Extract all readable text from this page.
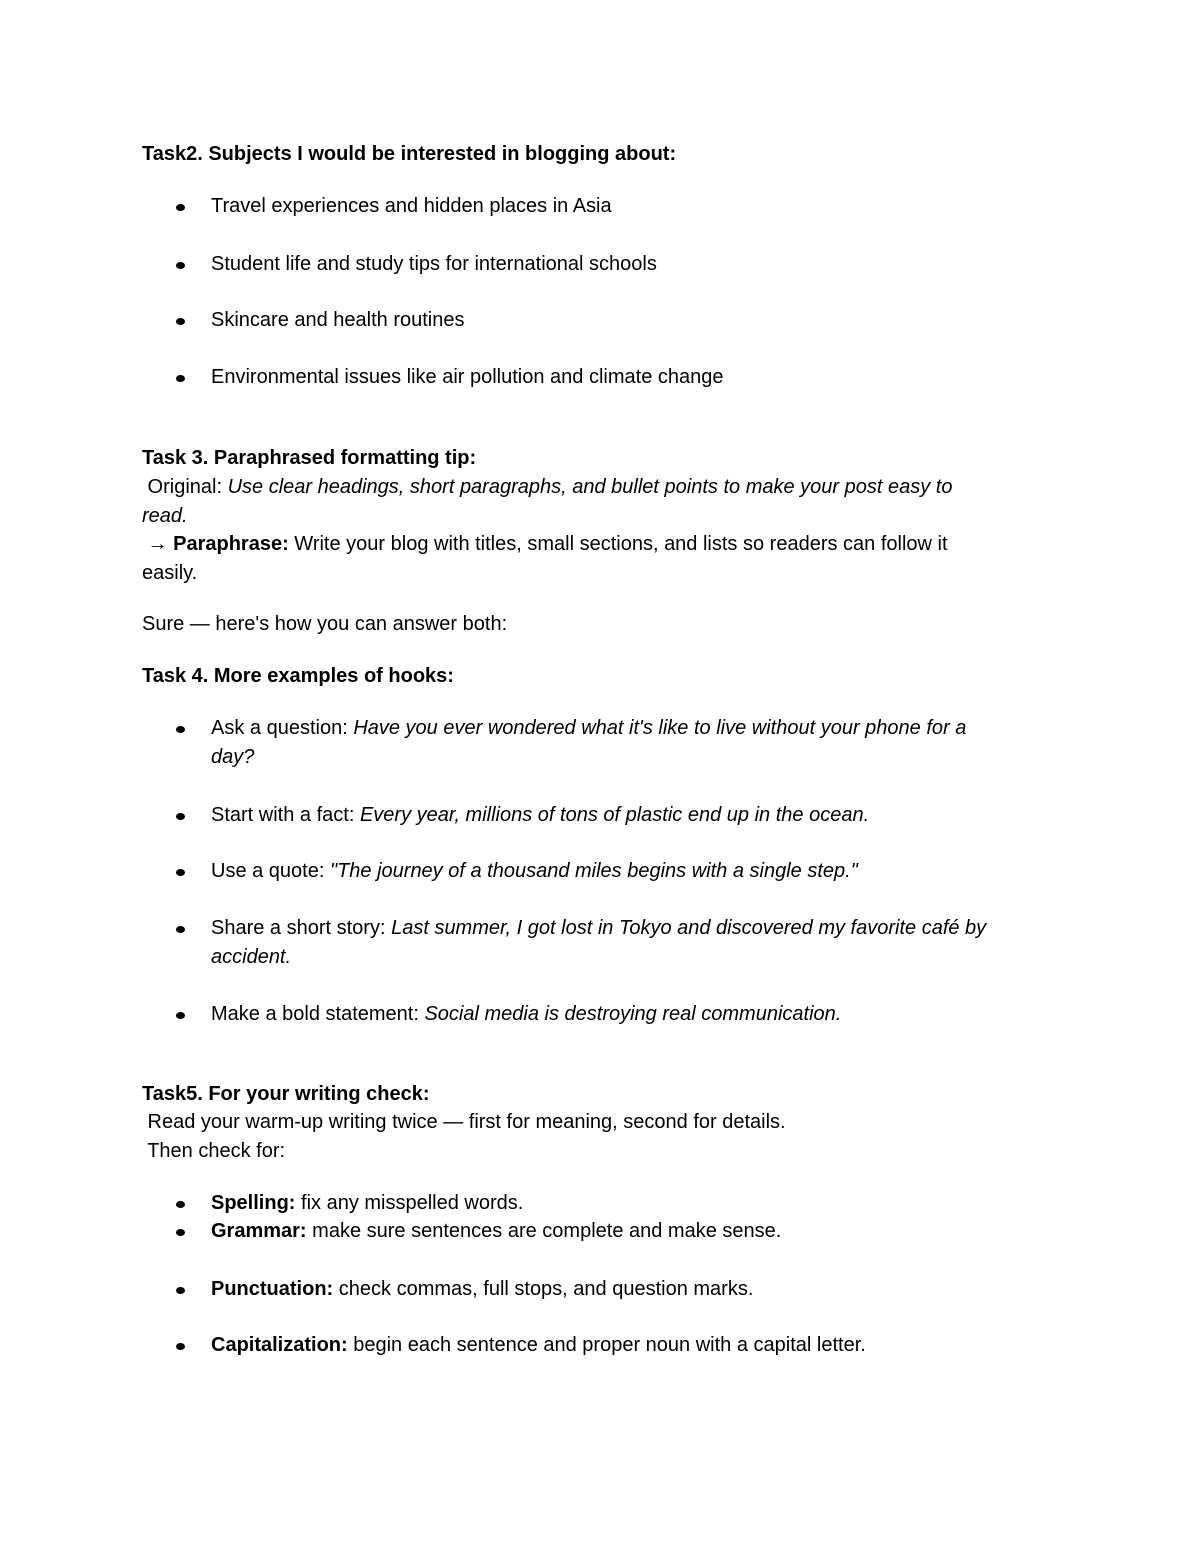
Task2. Subjects I would be interested in blogging about:
Travel experiences and hidden places in Asia
Student life and study tips for international schools
Skincare and health routines
Environmental issues like air pollution and climate change
Task 3. Paraphrased formatting tip:
Original: Use clear headings, short paragraphs, and bullet points to make your post easy to
read.
→ Paraphrase: Write your blog with titles, small sections, and lists so readers can follow it
easily.
Sure — here's how you can answer both:
Task 4. More examples of hooks:
Ask a question: Have you ever wondered what it's like to live without your phone for a
day?
Start with a fact: Every year, millions of tons of plastic end up in the ocean.
Use a quote: "The journey of a thousand miles begins with a single step."
Share a short story: Last summer, I got lost in Tokyo and discovered my favorite café by
accident.
Make a bold statement: Social media is destroying real communication.
Task5. For your writing check:
Read your warm-up writing twice — first for meaning, second for details.
Then check for:
Spelling: fix any misspelled words.
Grammar: make sure sentences are complete and make sense.
Punctuation: check commas, full stops, and question marks.
Capitalization: begin each sentence and proper noun with a capital letter.
